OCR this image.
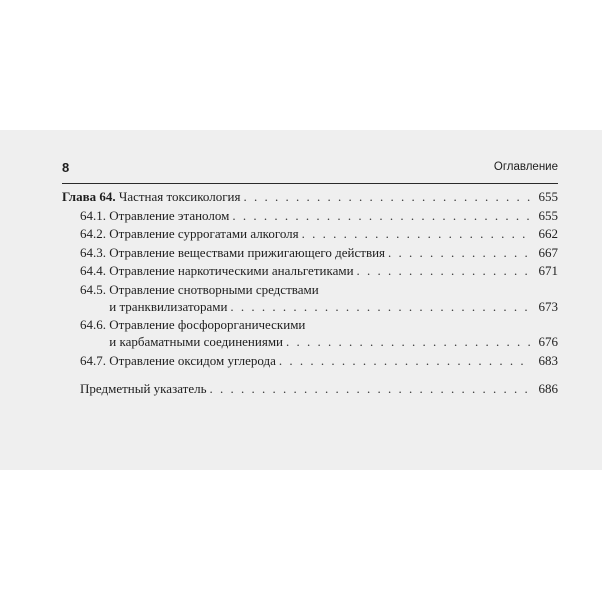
8	Оглавление
Глава 64. Частная токсикология . . .	655
64.1. Отравление этанолом . . .	655
64.2. Отравление суррогатами алкоголя . . .	662
64.3. Отравление веществами прижигающего действия . . .	667
64.4. Отравление наркотическими анальгетиками . . .	671
64.5. Отравление снотворными средствами
и транквилизаторами . . .	673
64.6. Отравление фосфорорганическими
и карбаматными соединениями . . .	676
64.7. Отравление оксидом углерода . . .	683
Предметный указатель . . .	686
